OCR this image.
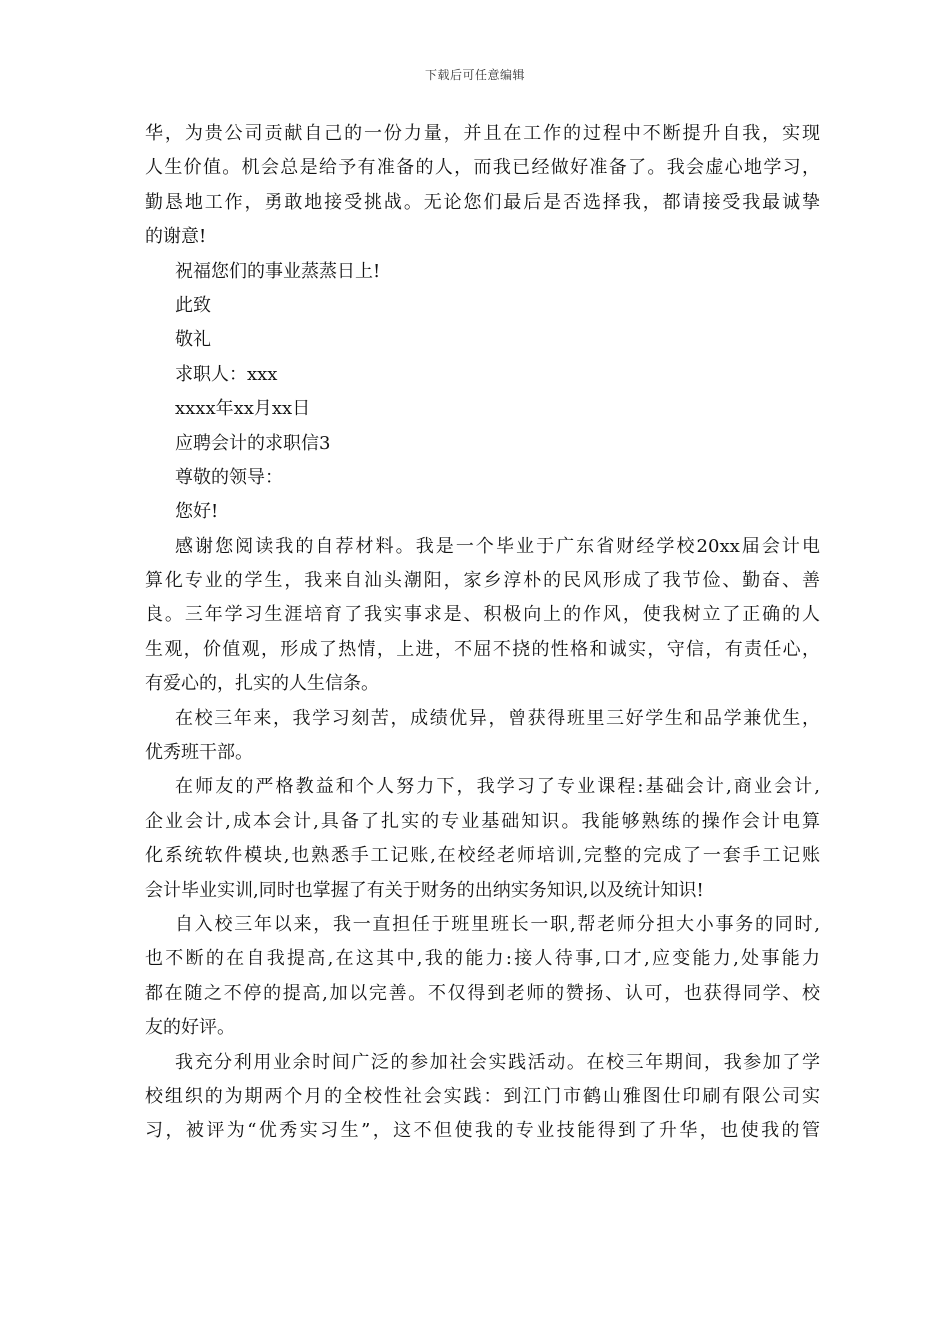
下载后可任意编辑
华，为贵公司贡献自己的一份力量，并且在工作的过程中不断提升自我，实现
人生价值。机会总是给予有准备的人，而我已经做好准备了。我会虚心地学习，
勤恳地工作，勇敢地接受挑战。无论您们最后是否选择我，都请接受我最诚挚
的谢意!
祝福您们的事业蒸蒸日上!
此致
敬礼
求职人：xxx
xxxx年xx月xx日
应聘会计的求职信3
尊敬的领导：
您好!
感谢您阅读我的自荐材料。我是一个毕业于广东省财经学校20xx届会计电
算化专业的学生，我来自汕头潮阳，家乡淳朴的民风形成了我节俭、勤奋、善
良。三年学习生涯培育了我实事求是、积极向上的作风，使我树立了正确的人
生观，价值观，形成了热情，上进，不屈不挠的性格和诚实，守信，有责任心，
有爱心的，扎实的人生信条。
在校三年来，我学习刻苦，成绩优异，曾获得班里三好学生和品学兼优生，
优秀班干部。
在师友的严格教益和个人努力下，我学习了专业课程:基础会计,商业会计,
企业会计,成本会计,具备了扎实的专业基础知识。我能够熟练的操作会计电算
化系统软件模块,也熟悉手工记账,在校经老师培训,完整的完成了一套手工记账
会计毕业实训,同时也掌握了有关于财务的出纳实务知识,以及统计知识!
自入校三年以来，我一直担任于班里班长一职,帮老师分担大小事务的同时,
也不断的在自我提高,在这其中,我的能力:接人待事,口才,应变能力,处事能力
都在随之不停的提高,加以完善。不仅得到老师的赞扬、认可，也获得同学、校
友的好评。
我充分利用业余时间广泛的参加社会实践活动。在校三年期间，我参加了学
校组织的为期两个月的全校性社会实践：到江门市鹤山雅图仕印刷有限公司实
习，被评为“优秀实习生”，这不但使我的专业技能得到了升华，也使我的管
